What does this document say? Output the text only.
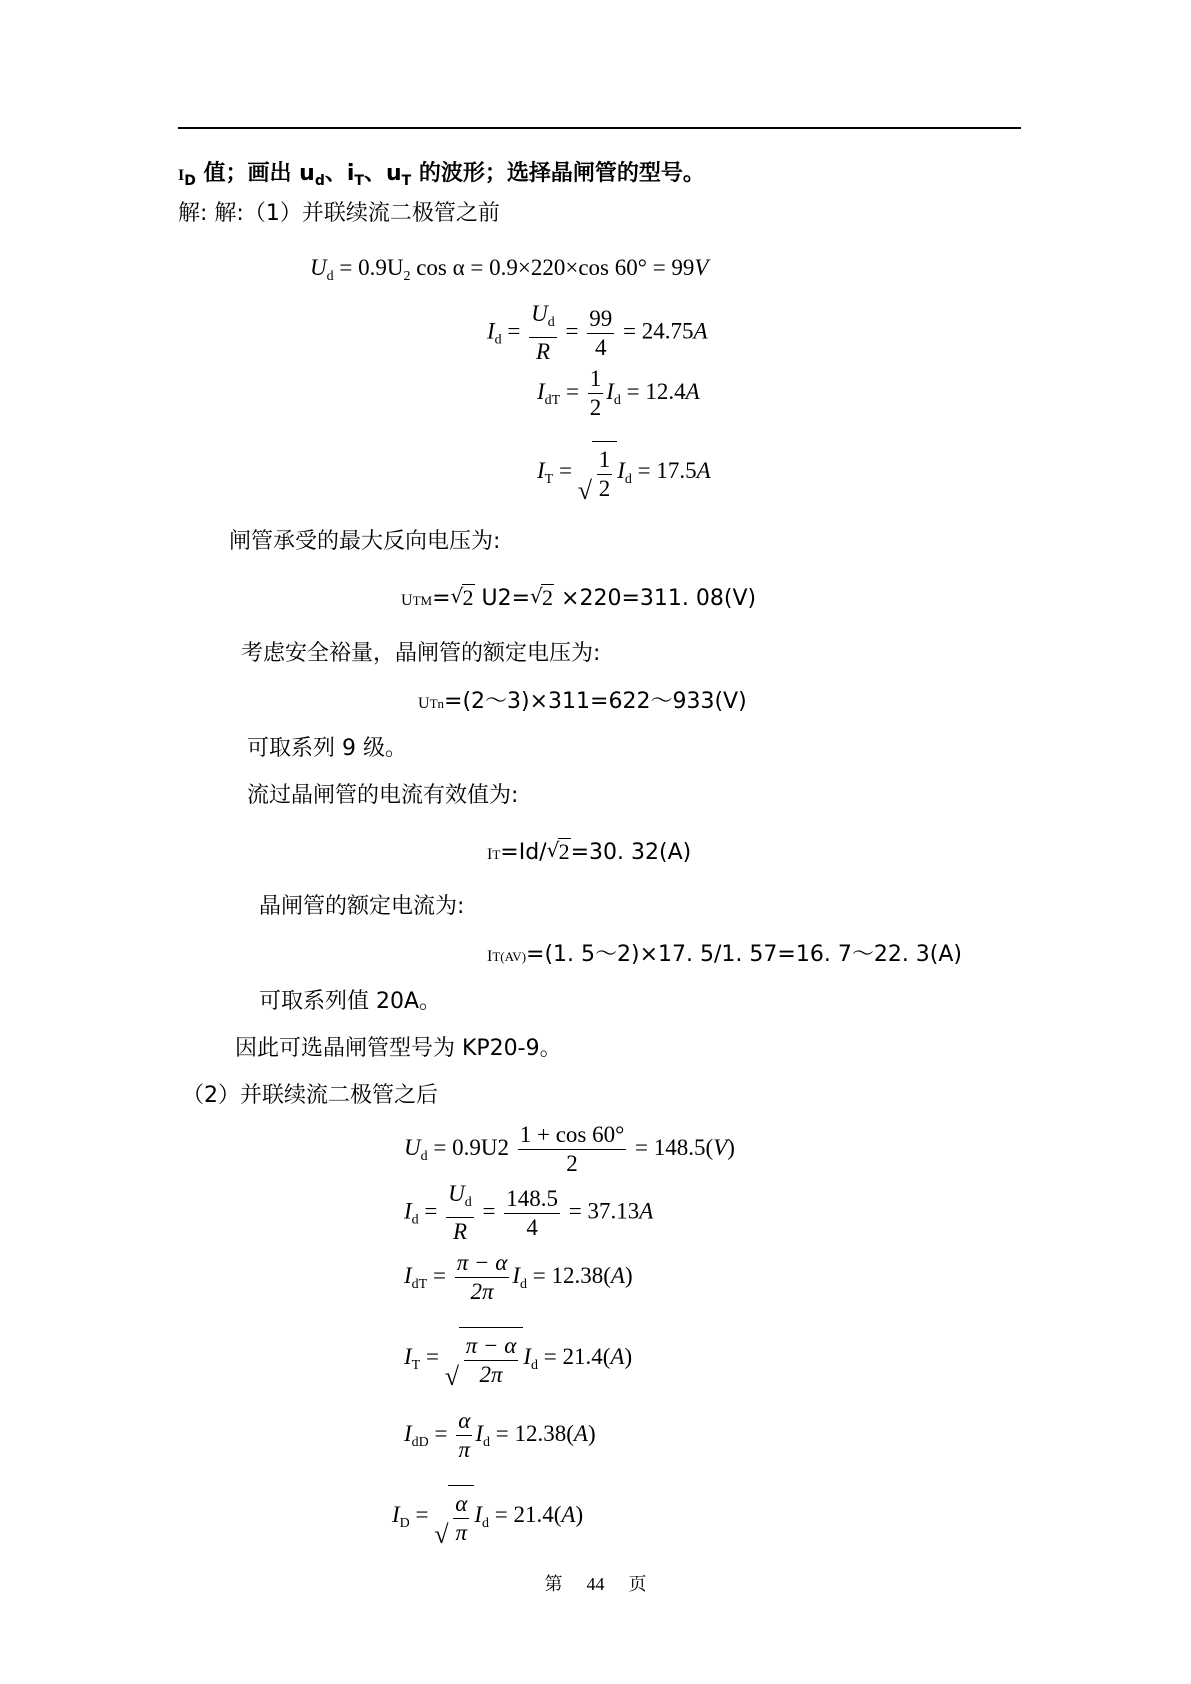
$I_D$ 值；画出 $u_d$、$i_T$、$u_T$ 的波形；选择晶闸管的型号。
解: 解:（1）并联续流二极管之前
$U_d = 0.9U_2$ cos α = 0.9×220×cos 60° = 99V
$I_d = \frac{U_d}{R} = \frac{99}{4} = 24.75A$
$I_{dT} = \frac{1}{2} I_d = 12.4A$
$I_T$ =
√ $\frac{1}{2} I_d = 17.5A$
闸管承受的最大反向电压为:
UTM= √ 2 U2= √ 2 ×220=311. 08(V)
考虑安全裕量，晶闸管的额定电压为:
UTn=(2～3)×311=622～933(V)
可取系列 9 级。
流过晶闸管的电流有效值为:
IT=Id/ √ 2=30. 32(A)
晶闸管的额定电流为:
IT(AV)=(1. 5～2)×17. 5/1. 57=16. 7～22. 3(A)
可取系列值 20A。
因此可选晶闸管型号为 KP20-9。
（2）并联续流二极管之后
$U_d = 0.9U2 \frac{1 + \cos 60^\circ}{2} = 148.5(V)$
$I_d = \frac{U_d}{R} = \frac{148.5}{4} = 37.13A$
$I_{dT} = \frac{\pi - \alpha}{2\pi} I_d = 12.38(A)$
$I_T$ =
√ $\frac{\pi - \alpha}{2\pi} I_d = 21.4(A)$
$I_{dD} = \frac{\alpha}{\pi} I_d = 12.38(A)$
$I_D$ =
√ $\frac{\alpha}{\pi} I_d = 21.4(A)$
第 44 页
